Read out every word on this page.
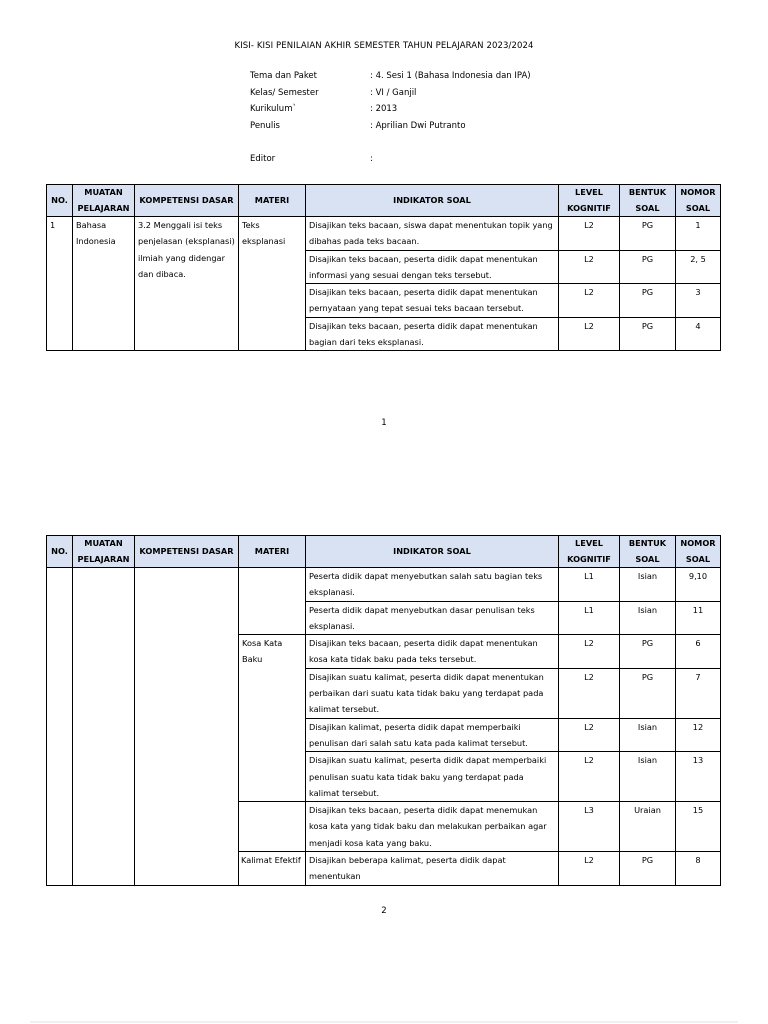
KISI- KISI PENILAIAN AKHIR SEMESTER TAHUN PELAJARAN 2023/2024
Tema dan Paket	: 4. Sesi 1 (Bahasa Indonesia dan IPA)
Kelas/ Semester	: VI / Ganjil
Kurikulum`	: 2013
Penulis	: Aprilian Dwi Putranto
Editor	:
NO.	MUATAN PELAJARAN	KOMPETENSI DASAR	MATERI	INDIKATOR SOAL	LEVEL KOGNITIF	BENTUK SOAL	NOMOR SOAL
1	Bahasa Indonesia	3.2 Menggali isi teks penjelasan (eksplanasi) ilmiah yang didengar dan dibaca.	Teks eksplanasi	Disajikan teks bacaan, siswa dapat menentukan topik yang dibahas pada teks bacaan.	L2	PG	1
				Disajikan teks bacaan, peserta didik dapat menentukan informasi yang sesuai dengan teks tersebut.	L2	PG	2, 5
				Disajikan teks bacaan, peserta didik dapat menentukan pernyataan yang tepat sesuai teks bacaan tersebut.	L2	PG	3
				Disajikan teks bacaan, peserta didik dapat menentukan bagian dari teks eksplanasi.	L2	PG	4
1
NO.	MUATAN PELAJARAN	KOMPETENSI DASAR	MATERI	INDIKATOR SOAL	LEVEL KOGNITIF	BENTUK SOAL	NOMOR SOAL
				Peserta didik dapat menyebutkan salah satu bagian teks eksplanasi.	L1	Isian	9,10
				Peserta didik dapat menyebutkan dasar penulisan teks eksplanasi.	L1	Isian	11
			Kosa Kata Baku	Disajikan teks bacaan, peserta didik dapat menentukan kosa kata tidak baku pada teks tersebut.	L2	PG	6
				Disajikan suatu kalimat, peserta didik dapat menentukan perbaikan dari suatu kata tidak baku yang terdapat pada kalimat tersebut.	L2	PG	7
				Disajikan kalimat, peserta didik dapat memperbaiki penulisan dari salah satu kata pada kalimat tersebut.	L2	Isian	12
				Disajikan suatu kalimat, peserta didik dapat memperbaiki penulisan suatu kata tidak baku yang terdapat pada kalimat tersebut.	L2	Isian	13
				Disajikan teks bacaan, peserta didik dapat menemukan kosa kata yang tidak baku dan melakukan perbaikan agar menjadi kosa kata yang baku.	L3	Uraian	15
			Kalimat Efektif	Disajikan beberapa kalimat, peserta didik dapat menentukan	L2	PG	8
2
